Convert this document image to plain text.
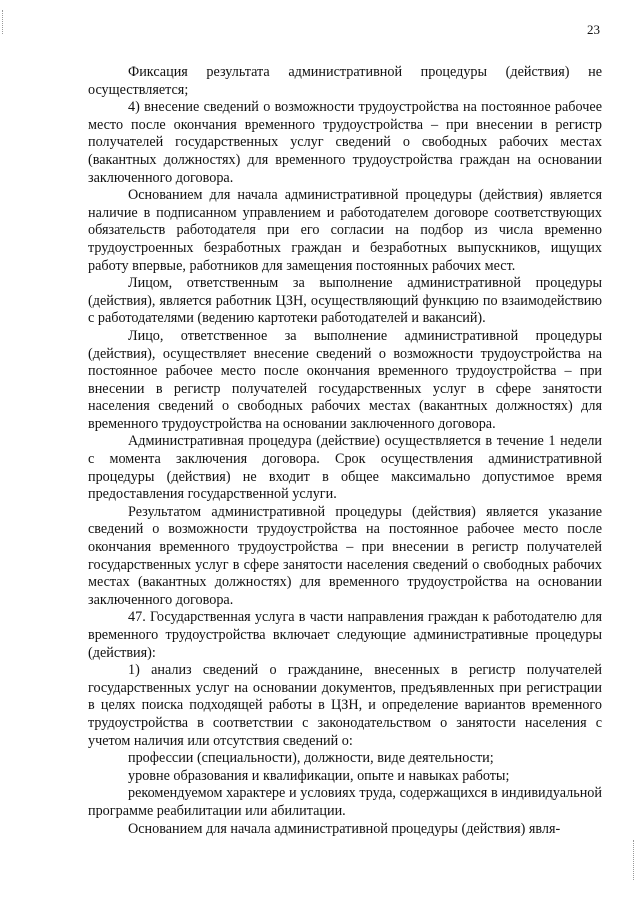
23

Фиксация результата административной процедуры (действия) не осуществляется;

4) внесение сведений о возможности трудоустройства на постоянное рабочее место после окончания временного трудоустройства – при внесении в регистр получателей государственных услуг сведений о свободных рабочих местах (вакантных должностях) для временного трудоустройства граждан на основании заключенного договора.

Основанием для начала административной процедуры (действия) является наличие в подписанном управлением и работодателем договоре соответствующих обязательств работодателя при его согласии на подбор из числа временно трудоустроенных безработных граждан и безработных выпускников, ищущих работу впервые, работников для замещения постоянных рабочих мест.

Лицом, ответственным за выполнение административной процедуры (действия), является работник ЦЗН, осуществляющий функцию по взаимодействию с работодателями (ведению картотеки работодателей и вакансий).

Лицо, ответственное за выполнение административной процедуры (действия), осуществляет внесение сведений о возможности трудоустройства на постоянное рабочее место после окончания временного трудоустройства – при внесении в регистр получателей государственных услуг в сфере занятости населения сведений о свободных рабочих местах (вакантных должностях) для временного трудоустройства на основании заключенного договора.

Административная процедура (действие) осуществляется в течение 1 недели с момента заключения договора. Срок осуществления административной процедуры (действия) не входит в общее максимально допустимое время предоставления государственной услуги.

Результатом административной процедуры (действия) является указание сведений о возможности трудоустройства на постоянное рабочее место после окончания временного трудоустройства – при внесении в регистр получателей государственных услуг в сфере занятости населения сведений о свободных рабочих местах (вакантных должностях) для временного трудоустройства на основании заключенного договора.

47. Государственная услуга в части направления граждан к работодателю для временного трудоустройства включает следующие административные процедуры (действия):

1) анализ сведений о гражданине, внесенных в регистр получателей государственных услуг на основании документов, предъявленных при регистрации в целях поиска подходящей работы в ЦЗН, и определение вариантов временного трудоустройства в соответствии с законодательством о занятости населения с учетом наличия или отсутствия сведений о:

профессии (специальности), должности, виде деятельности;

уровне образования и квалификации, опыте и навыках работы;

рекомендуемом характере и условиях труда, содержащихся в индивидуальной программе реабилитации или абилитации.

Основанием для начала административной процедуры (действия) явля-
